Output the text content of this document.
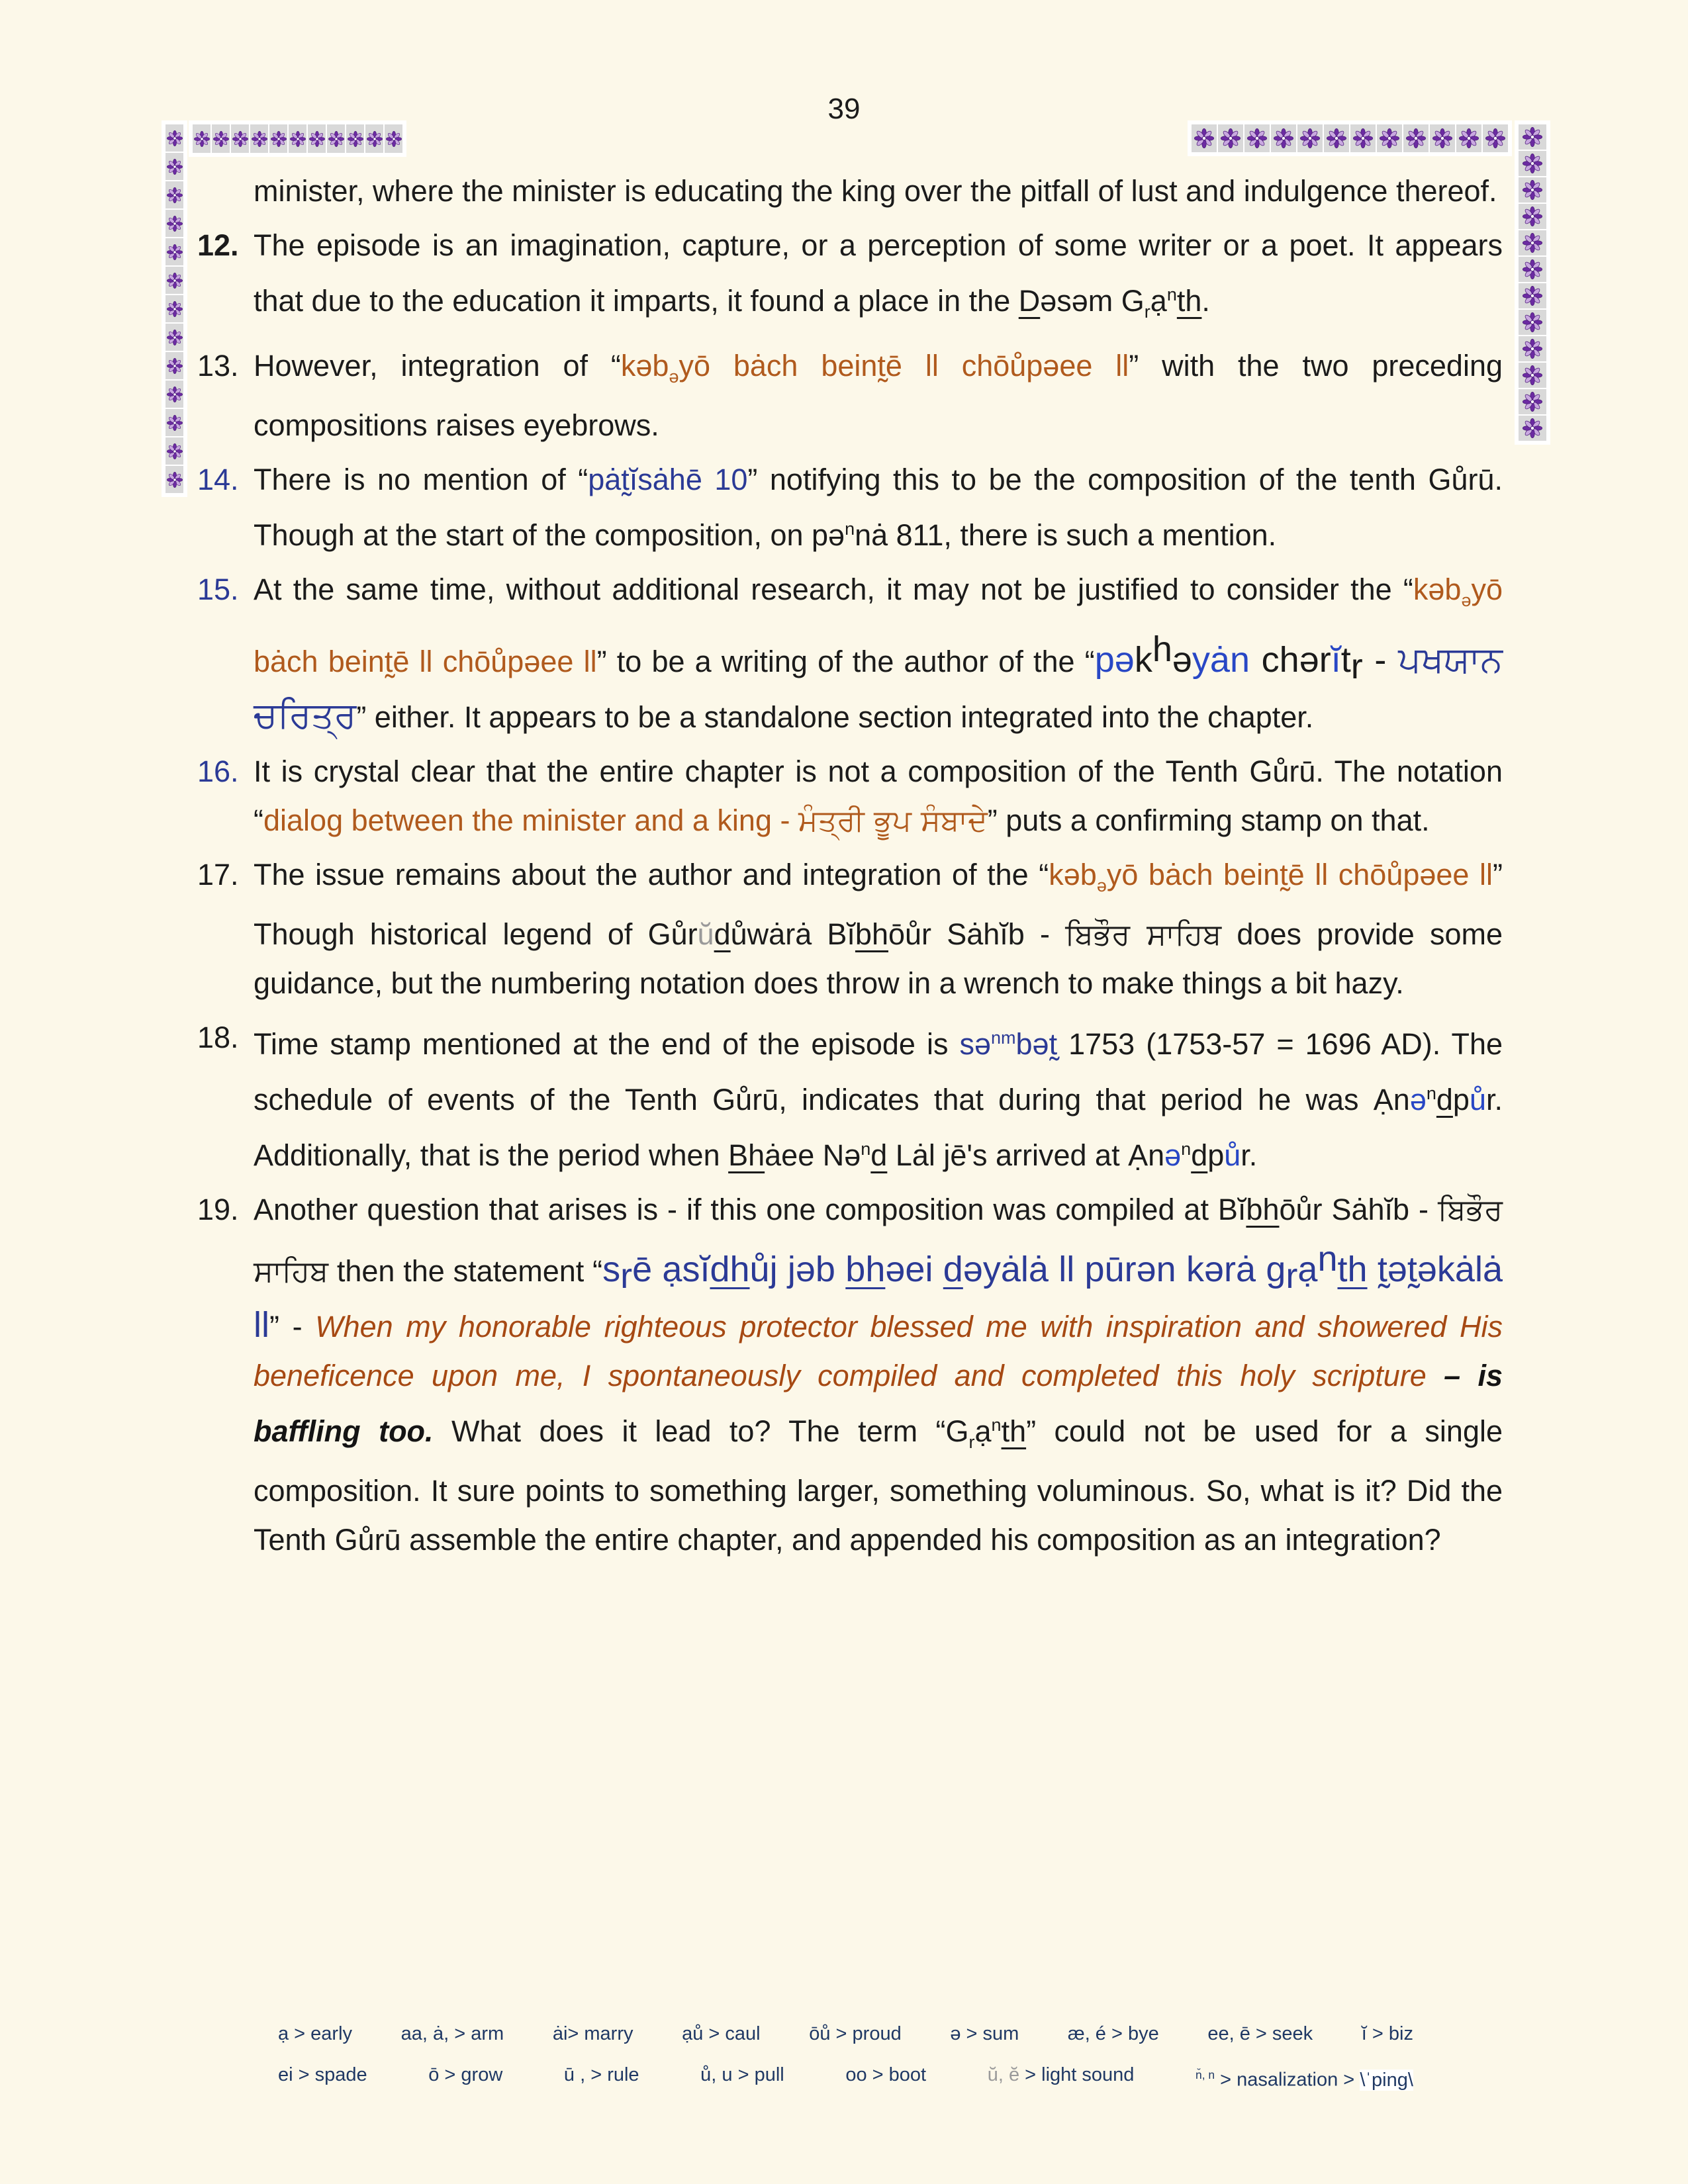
39
minister, where the minister is educating the king over the pitfall of lust and indulgence thereof.
12. The episode is an imagination, capture, or a perception of some writer or a poet. It appears that due to the education it imparts, it found a place in the Dəsəm $G_rạ^nth$.
13. However, integration of “kəb$_ə$yō bȧch beint̰ē ll chōůpəee ll” with the two preceding compositions raises eyebrows.
14. There is no mention of “pȧt̰ĭsȧhē 10” notifying this to be the composition of the tenth Gůrū. Though at the start of the composition, on pə$^n$nȧ 811, there is such a mention.
15. At the same time, without additional research, it may not be justified to consider the “kəb$_ə$yō bȧch beint̰ē ll chōůpəee ll” to be a writing of the author of the “pəkhəyȧn chərĭtr - ਪਖਯਾਨ ਚਰਿਤ੍ਰ” either. It appears to be a standalone section integrated into the chapter.
16. It is crystal clear that the entire chapter is not a composition of the Tenth Gůrū. The notation “dialog between the minister and a king - ਮੰਤ੍ਰੀ ਭੂਪ ਸੰਬਾਦੇ” puts a confirming stamp on that.
17. The issue remains about the author and integration of the “kəb$_ə$yō bȧch beint̰ē ll chōůpəee ll” Though historical legend of Gůrŭdůwȧrȧ Bĭbhōůr Sȧhĭb - ਬਿਭੌਰ ਸਾਹਿਬ does provide some guidance, but the numbering notation does throw in a wrench to make things a bit hazy.
18. Time stamp mentioned at the end of the episode is sə$^{nm}$bət̰ 1753 (1753-57 = 1696 AD). The schedule of events of the Tenth Gůrū, indicates that during that period he was Ạnə$^n$dpůr. Additionally, that is the period when Bhȧee Nə$^n$d Lȧl jē's arrived at Ạnə$^n$dpůr.
19. Another question that arises is - if this one composition was compiled at Bĭbhōůr Sȧhĭb - ਬਿਭੌਰ ਸਾਹਿਬ then the statement “srē ạsĭdhůj jəb bhəei dəyȧlȧ ll pūrən kərȧ grạnth t̰ət̰əkȧlȧ ll” - When my honorable righteous protector blessed me with inspiration and showered His beneficence upon me, I spontaneously compiled and completed this holy scripture – is baffling too. What does it lead to? The term “$G_rạ^nth$” could not be used for a single composition. It sure points to something larger, something voluminous. So, what is it? Did the Tenth Gůrū assemble the entire chapter, and appended his composition as an integration?
ạ > early	aa, ȧ, > arm	ȧi> marry	ạů > caul	ōů > proud	ə > sum	æ, é > bye	ee, ē > seek	ĭ > biz
ei > spade	ō > grow	ū , > rule	ů, u > pull	oo > boot	ŭ, ĕ > light sound	$^{n̆, n}$ > nasalization > \ˈping\
